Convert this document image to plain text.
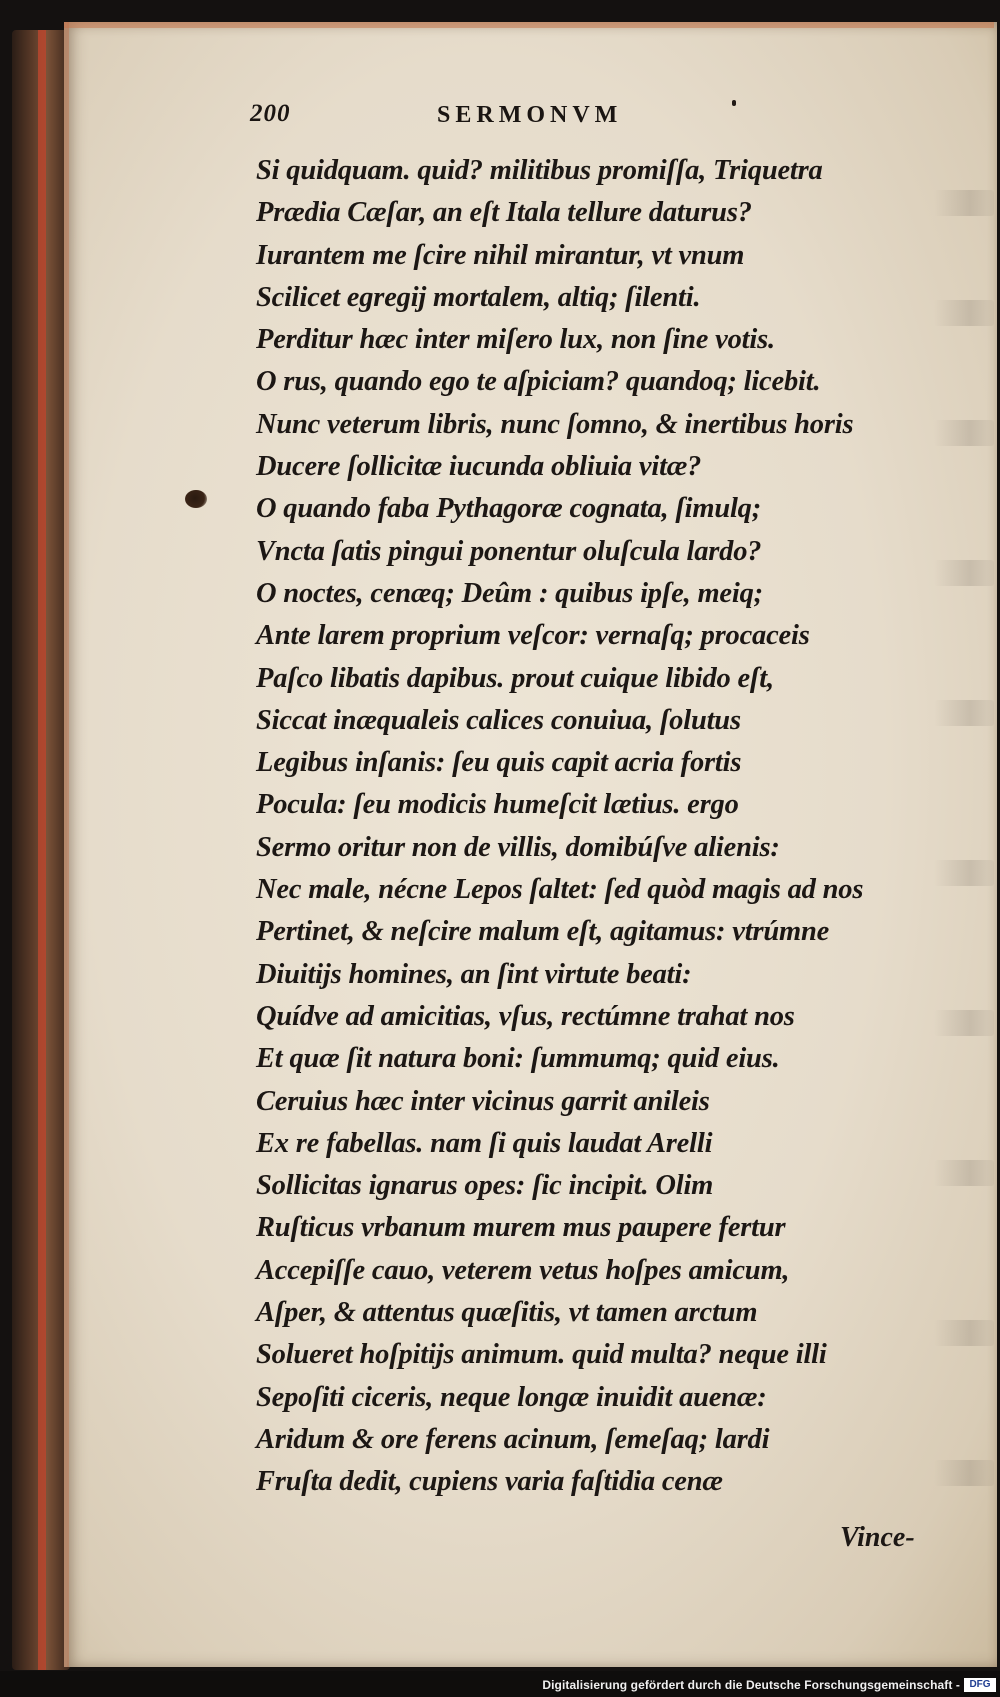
200	SERMONVM
Si quidquam. quid? militibus promiſſa, Triquetra
Prædia Cæſar, an eſt Itala tellure daturus?
Iurantem me ſcire nihil mirantur, vt vnum
Scilicet egregij mortalem, altiq; ſilenti.
Perditur hæc inter miſero lux, non ſine votis.
O rus, quando ego te aſpiciam? quandoq; licebit.
Nunc veterum libris, nunc ſomno, & inertibus horis
Ducere ſollicitæ iucunda obliuia vitæ?
O quando faba Pythagoræ cognata, ſimulq;
Vncta ſatis pingui ponentur oluſcula lardo?
O noctes, cenæq; Deûm : quibus ipſe, meiq;
Ante larem proprium veſcor: vernaſq; procaceis
Paſco libatis dapibus. prout cuique libido eſt,
Siccat inæqualeis calices conuiua, ſolutus
Legibus inſanis: ſeu quis capit acria fortis
Pocula: ſeu modicis humeſcit lætius. ergo
Sermo oritur non de villis, domibúſve alienis:
Nec male, nécne Lepos ſaltet: ſed quòd magis ad nos
Pertinet, & neſcire malum eſt, agitamus: vtrúmne
Diuitijs homines, an ſint virtute beati:
Quídve ad amicitias, vſus, rectúmne trahat nos
Et quæ ſit natura boni: ſummumq; quid eius.
Ceruius hæc inter vicinus garrit anileis
Ex re fabellas. nam ſi quis laudat Arelli
Sollicitas ignarus opes: ſic incipit. Olim
Ruſticus vrbanum murem mus paupere fertur
Accepiſſe cauo, veterem vetus hoſpes amicum,
Aſper, & attentus quæſitis, vt tamen arctum
Solueret hoſpitijs animum. quid multa? neque illi
Sepoſiti ciceris, neque longæ inuidit auenæ:
Aridum & ore ferens acinum, ſemeſaq; lardi
Fruſta dedit, cupiens varia faſtidia cenæ
Vince-
Digitalisierung gefördert durch die Deutsche Forschungsgemeinschaft - DFG
